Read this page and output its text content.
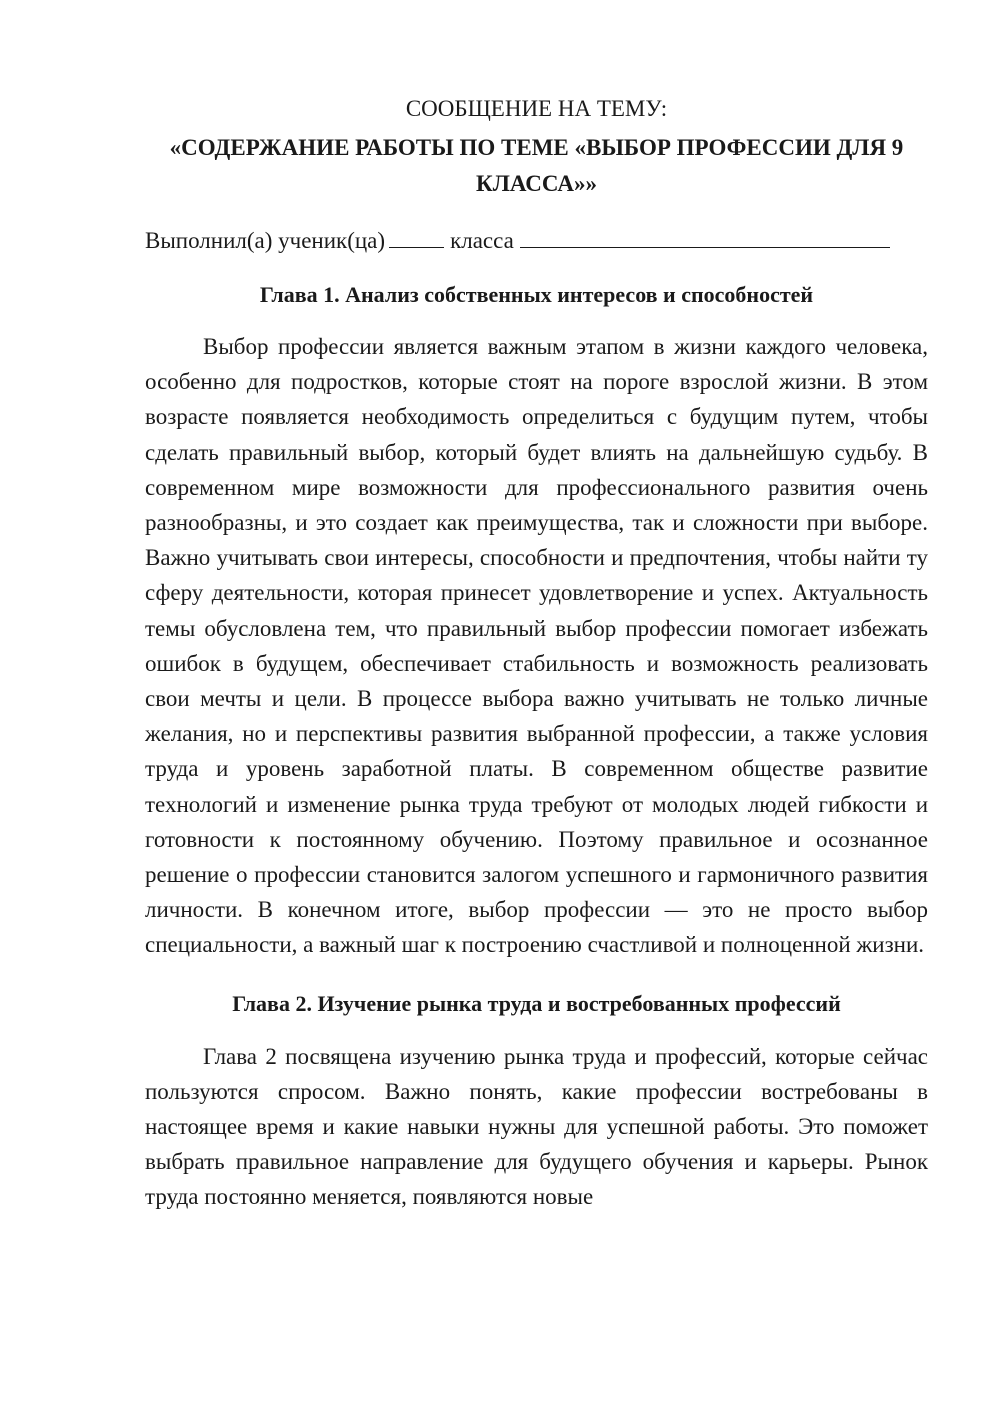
СООБЩЕНИЕ НА ТЕМУ:

«СОДЕРЖАНИЕ РАБОТЫ ПО ТЕМЕ «ВЫБОР ПРОФЕССИИ ДЛЯ 9 КЛАССА»»

Выполнил(а) ученик(ца)	класса

Глава 1. Анализ собственных интересов и способностей

Выбор профессии является важным этапом в жизни каждого человека, особенно для подростков, которые стоят на пороге взрослой жизни. В этом возрасте появляется необходимость определиться с будущим путем, чтобы сделать правильный выбор, который будет влиять на дальнейшую судьбу. В современном мире возможности для профессионального развития очень разнообразны, и это создает как преимущества, так и сложности при выборе. Важно учитывать свои интересы, способности и предпочтения, чтобы найти ту сферу деятельности, которая принесет удовлетворение и успех. Актуальность темы обусловлена тем, что правильный выбор профессии помогает избежать ошибок в будущем, обеспечивает стабильность и возможность реализовать свои мечты и цели. В процессе выбора важно учитывать не только личные желания, но и перспективы развития выбранной профессии, а также условия труда и уровень заработной платы. В современном обществе развитие технологий и изменение рынка труда требуют от молодых людей гибкости и готовности к постоянному обучению. Поэтому правильное и осознанное решение о профессии становится залогом успешного и гармоничного развития личности. В конечном итоге, выбор профессии — это не просто выбор специальности, а важный шаг к построению счастливой и полноценной жизни.

Глава 2. Изучение рынка труда и востребованных профессий

Глава 2 посвящена изучению рынка труда и профессий, которые сейчас пользуются спросом. Важно понять, какие профессии востребованы в настоящее время и какие навыки нужны для успешной работы. Это поможет выбрать правильное направление для будущего обучения и карьеры. Рынок труда постоянно меняется, появляются новые
